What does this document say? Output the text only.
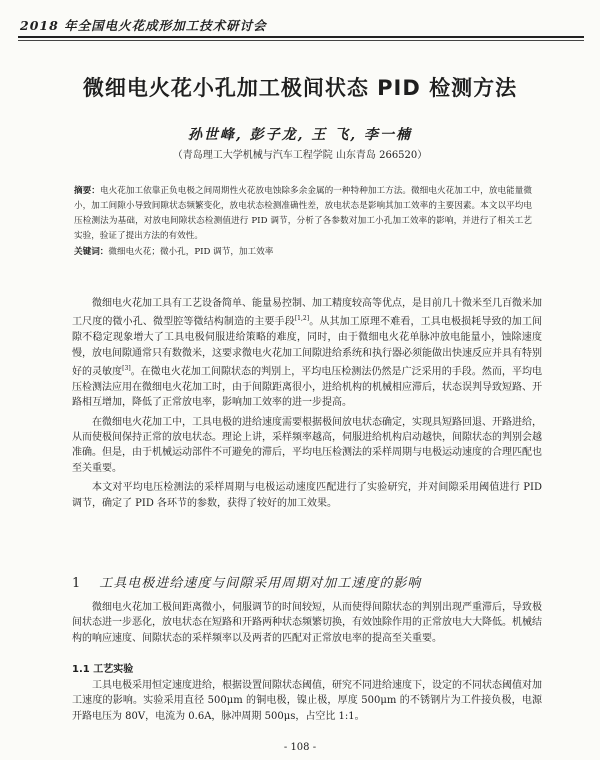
2018 年全国电火花成形加工技术研讨会
微细电火花小孔加工极间状态 PID 检测方法
孙世峰, 彭子龙, 王 飞, 李一楠
（青岛理工大学机械与汽车工程学院 山东青岛 266520）
摘要：电火花加工依靠正负电极之间周期性火花放电蚀除多余金属的一种特种加工方法。微细电火花加工中，放电能量微小，加工间隙小导致间隙状态频繁变化，放电状态检测准确性差，放电状态是影响其加工效率的主要因素。本文以平均电压检测法为基础，对放电间隙状态检测值进行 PID 调节，分析了各参数对加工小孔加工效率的影响，并进行了相关工艺实验，验证了提出方法的有效性。
关键词：微细电火花；微小孔，PID 调节，加工效率

微细电火花加工具有工艺设备简单、能量易控制、加工精度较高等优点，是目前几十微米至几百微米加工尺度的微小孔、微型腔等微结构制造的主要手段[1,2]。从其加工原理不难看，工具电极损耗导致的加工间隙不稳定现象增大了工具电极伺服进给策略的难度，同时，由于微细电火花单脉冲放电能量小，蚀除速度慢，放电间隙通常只有数微米，这要求微电火花加工间隙进给系统和执行器必须能做出快速反应并具有特别好的灵敏度[3]。在微电火花加工间隙状态的判别上，平均电压检测法仍然是广泛采用的手段。然而，平均电压检测法应用在微细电火花加工时，由于间隙距离很小，进给机构的机械相应滞后，状态误判导致短路、开路相互增加，降低了正常放电率，影响加工效率的进一步提高。

在微细电火花加工中，工具电极的进给速度需要根据极间放电状态确定，实现具短路回退、开路进给，从而使极间保持正常的放电状态。理论上讲，采样频率越高，伺服进给机构启动越快，间隙状态的判别会越准确。但是，由于机械运动部件不可避免的滞后，平均电压检测法的采样周期与电极运动速度的合理匹配也至关重要。

本文对平均电压检测法的采样周期与电极运动速度匹配进行了实验研究，并对间隙采用阈值进行 PID 调节，确定了 PID 各环节的参数，获得了较好的加工效果。

1 工具电极进给速度与间隙采用周期对加工速度的影响

微细电火花加工极间距离微小，伺服调节的时间较短，从而使得间隙状态的判别出现严重滞后，导致极间状态进一步恶化，放电状态在短路和开路两种状态频繁切换，有效蚀除作用的正常放电大大降低。机械结构的响应速度、间隙状态的采样频率以及两者的匹配对正常放电率的提高至关重要。

1.1 工艺实验

工具电极采用恒定速度进给，根据设置间隙状态阈值，研究不同进给速度下，设定的不同状态阈值对加工速度的影响。实验采用直径 500μm 的铜电极，镍止极，厚度 500μm 的不锈钢片为工件接负极，电源开路电压为 80V，电流为 0.6A，脉冲周期 500μs，占空比 1:1。

- 108 -
